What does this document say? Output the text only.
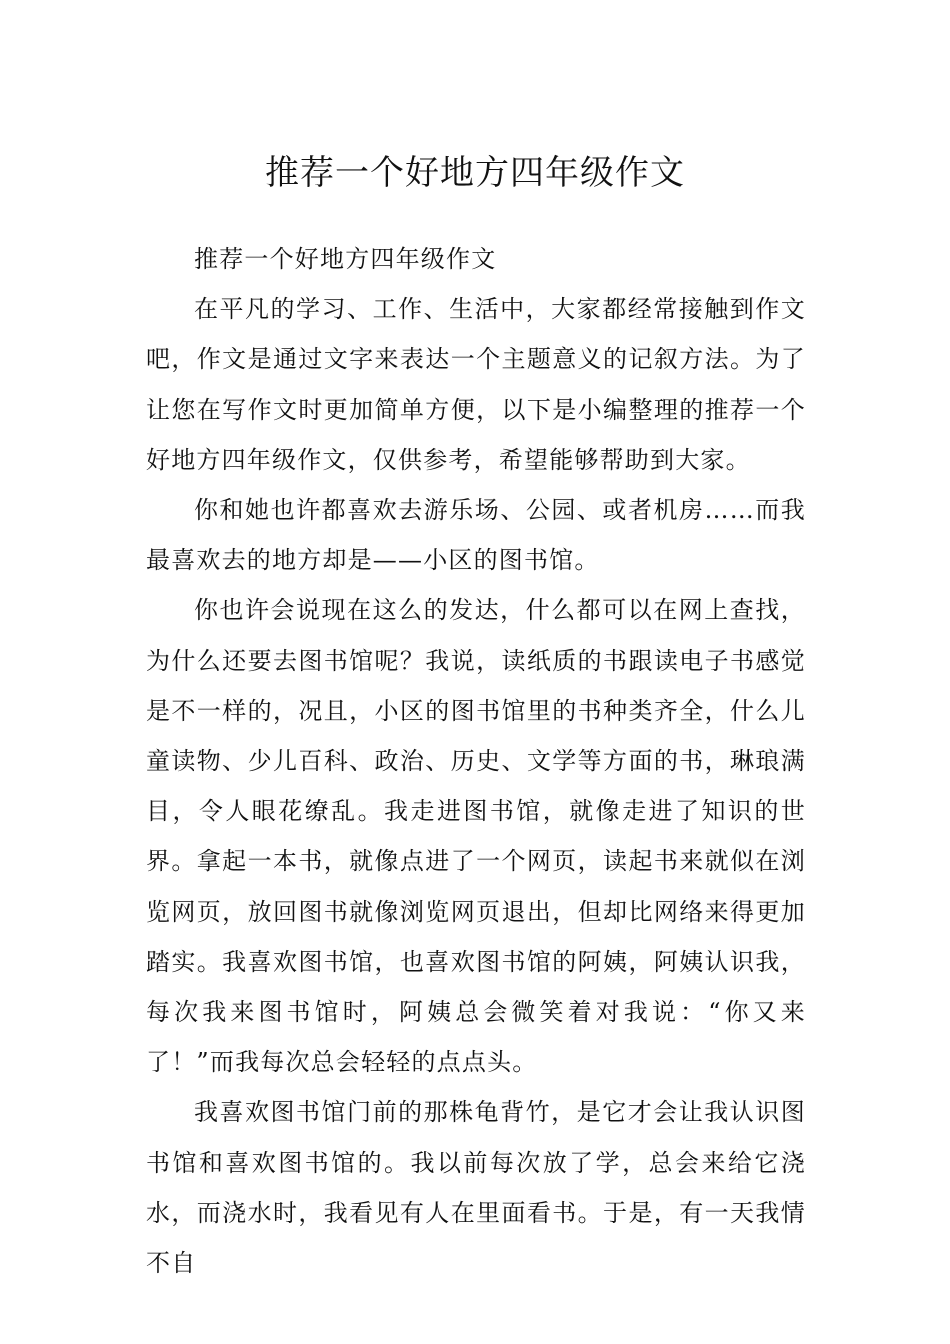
推荐一个好地方四年级作文

推荐一个好地方四年级作文

在平凡的学习、工作、生活中，大家都经常接触到作文吧，作文是通过文字来表达一个主题意义的记叙方法。为了让您在写作文时更加简单方便，以下是小编整理的推荐一个好地方四年级作文，仅供参考，希望能够帮助到大家。

你和她也许都喜欢去游乐场、公园、或者机房……而我最喜欢去的地方却是——小区的图书馆。

你也许会说现在这么的发达，什么都可以在网上查找，为什么还要去图书馆呢？我说，读纸质的书跟读电子书感觉是不一样的，况且，小区的图书馆里的书种类齐全，什么儿童读物、少儿百科、政治、历史、文学等方面的书，琳琅满目，令人眼花缭乱。我走进图书馆，就像走进了知识的世界。拿起一本书，就像点进了一个网页，读起书来就似在浏览网页，放回图书就像浏览网页退出，但却比网络来得更加踏实。我喜欢图书馆，也喜欢图书馆的阿姨，阿姨认识我，每次我来图书馆时，阿姨总会微笑着对我说：“你又来了！”而我每次总会轻轻的点点头。

我喜欢图书馆门前的那株龟背竹，是它才会让我认识图书馆和喜欢图书馆的。我以前每次放了学，总会来给它浇水，而浇水时，我看见有人在里面看书。于是，有一天我情不自
